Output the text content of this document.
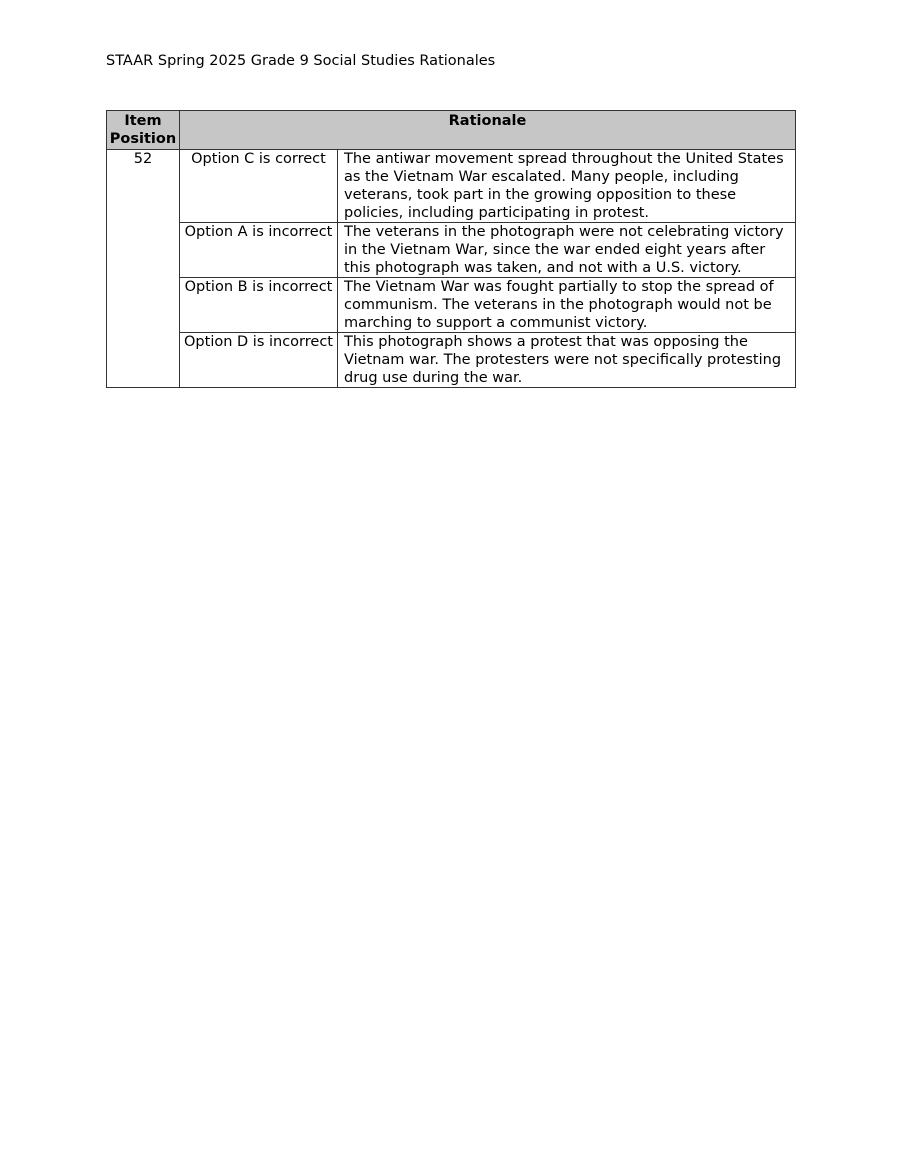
STAAR Spring 2025 Grade 9 Social Studies Rationales
Item Position	Rationale	
52	Option C is correct	The antiwar movement spread throughout the United States as the Vietnam War escalated. Many people, including veterans, took part in the growing opposition to these policies, including participating in protest.
	Option A is incorrect	The veterans in the photograph were not celebrating victory in the Vietnam War, since the war ended eight years after this photograph was taken, and not with a U.S. victory.
	Option B is incorrect	The Vietnam War was fought partially to stop the spread of communism. The veterans in the photograph would not be marching to support a communist victory.
	Option D is incorrect	This photograph shows a protest that was opposing the Vietnam war. The protesters were not specifically protesting drug use during the war.
